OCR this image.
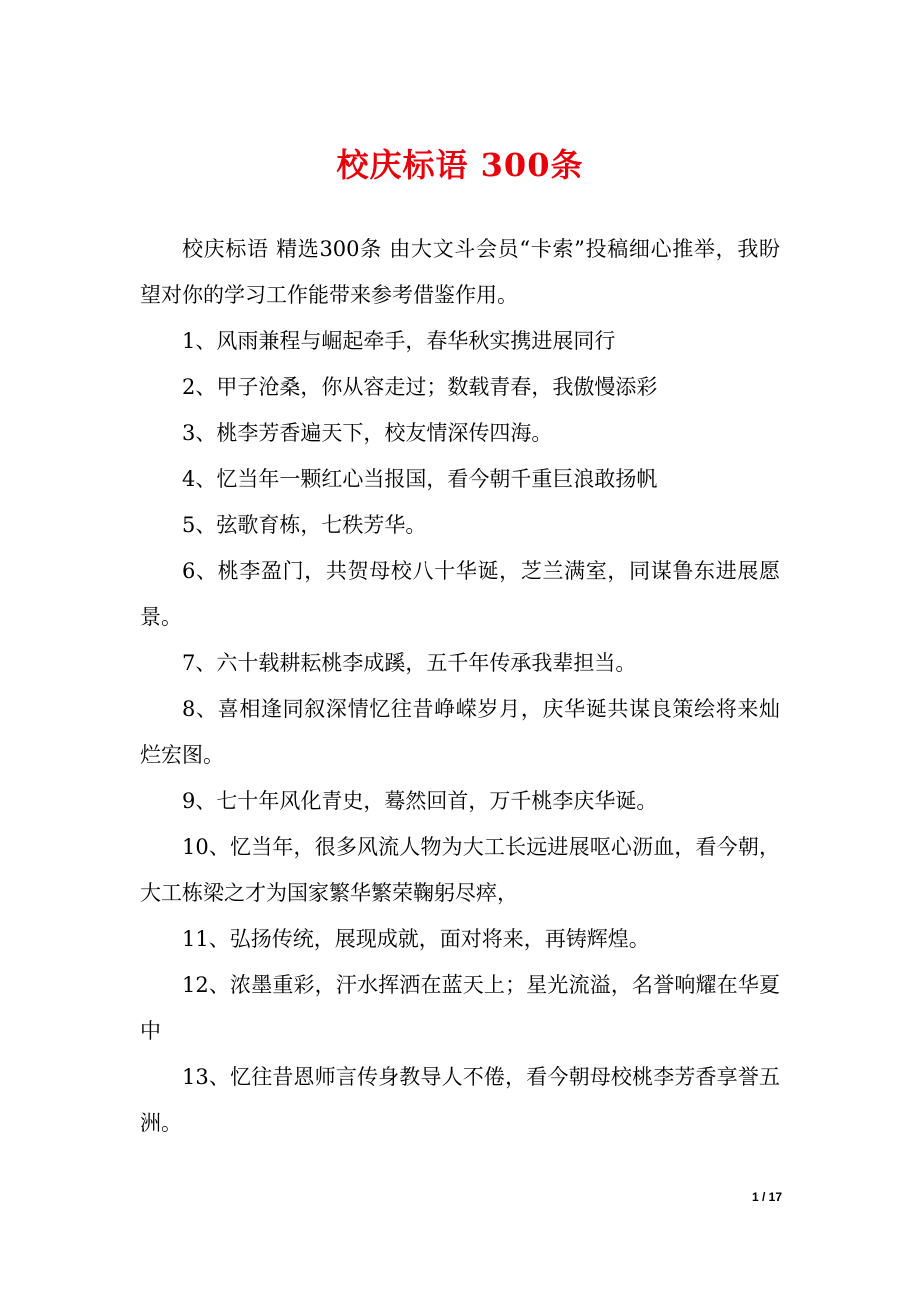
校庆标语 300条

校庆标语 精选300条 由大文斗会员“卡索”投稿细心推举，我盼望对你的学习工作能带来参考借鉴作用。

1、风雨兼程与崛起牵手，春华秋实携进展同行

2、甲子沧桑，你从容走过；数载青春，我傲慢添彩

3、桃李芳香遍天下，校友情深传四海。

4、忆当年一颗红心当报国，看今朝千重巨浪敢扬帆

5、弦歌育栋，七秩芳华。

6、桃李盈门，共贺母校八十华诞，芝兰满室，同谋鲁东进展愿景。

7、六十载耕耘桃李成蹊，五千年传承我辈担当。

8、喜相逢同叙深情忆往昔峥嵘岁月，庆华诞共谋良策绘将来灿烂宏图。

9、七十年风化青史，蓦然回首，万千桃李庆华诞。

10、忆当年，很多风流人物为大工长远进展呕心沥血，看今朝，大工栋梁之才为国家繁华繁荣鞠躬尽瘁，

11、弘扬传统，展现成就，面对将来，再铸辉煌。

12、浓墨重彩，汗水挥洒在蓝天上；星光流溢，名誉响耀在华夏中

13、忆往昔恩师言传身教导人不倦，看今朝母校桃李芳香享誉五洲。

1 / 17
